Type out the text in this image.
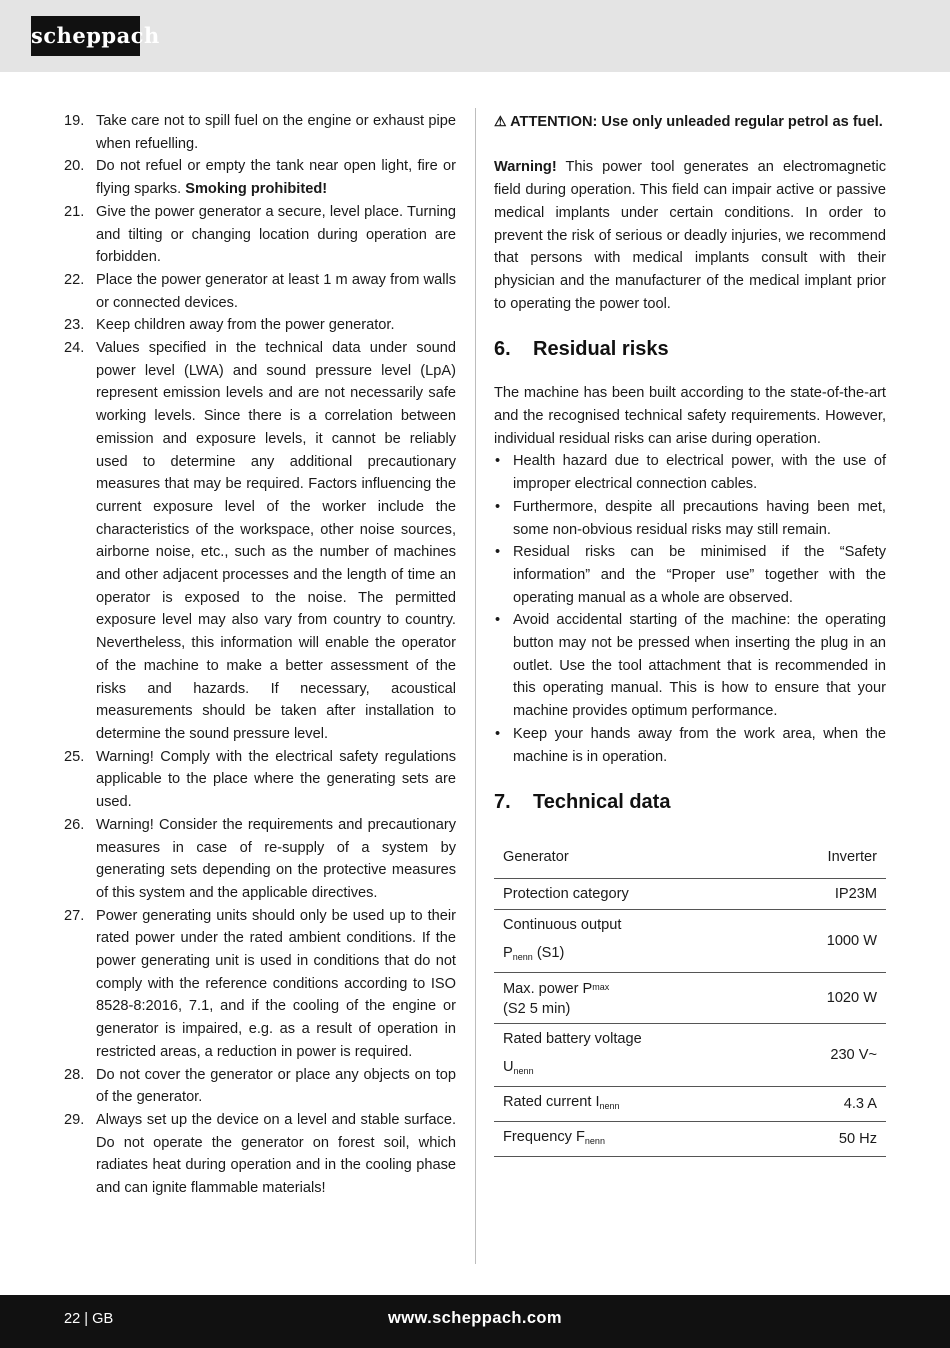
scheppach
19. Take care not to spill fuel on the engine or exhaust pipe when refuelling.
20. Do not refuel or empty the tank near open light, fire or flying sparks. Smoking prohibited!
21. Give the power generator a secure, level place. Turning and tilting or changing location during operation are forbidden.
22. Place the power generator at least 1 m away from walls or connected devices.
23. Keep children away from the power generator.
24. Values specified in the technical data under sound power level (LWA) and sound pressure level (LpA) represent emission levels and are not necessarily safe working levels. Since there is a correlation between emission and exposure levels, it cannot be reliably used to determine any additional precautionary measures that may be required. Factors influencing the current exposure level of the worker include the characteristics of the workspace, other noise sources, airborne noise, etc., such as the number of machines and other adjacent processes and the length of time an operator is exposed to the noise. The permitted exposure level may also vary from country to country. Nevertheless, this information will enable the operator of the machine to make a better assessment of the risks and hazards. If necessary, acoustical measurements should be taken after installation to determine the sound pressure level.
25. Warning! Comply with the electrical safety regulations applicable to the place where the generating sets are used.
26. Warning! Consider the requirements and precautionary measures in case of re-supply of a system by generating sets depending on the protective measures of this system and the applicable directives.
27. Power generating units should only be used up to their rated power under the rated ambient conditions. If the power generating unit is used in conditions that do not comply with the reference conditions according to ISO 8528-8:2016, 7.1, and if the cooling of the engine or generator is impaired, e.g. as a result of operation in restricted areas, a reduction in power is required.
28. Do not cover the generator or place any objects on top of the generator.
29. Always set up the device on a level and stable surface. Do not operate the generator on forest soil, which radiates heat during operation and in the cooling phase and can ignite flammable materials!

⚠ ATTENTION: Use only unleaded regular petrol as fuel.

Warning! This power tool generates an electromagnetic field during operation. This field can impair active or passive medical implants under certain conditions. In order to prevent the risk of serious or deadly injuries, we recommend that persons with medical implants consult with their physician and the manufacturer of the medical implant prior to operating the power tool.

6.	Residual risks

The machine has been built according to the state-of-the-art and the recognised technical safety requirements. However, individual residual risks can arise during operation.

• Health hazard due to electrical power, with the use of improper electrical connection cables.
• Furthermore, despite all precautions having been met, some non-obvious residual risks may still remain.
• Residual risks can be minimised if the “Safety information” and the “Proper use” together with the operating manual as a whole are observed.
• Avoid accidental starting of the machine: the operating button may not be pressed when inserting the plug in an outlet. Use the tool attachment that is recommended in this operating manual. This is how to ensure that your machine provides optimum performance.
• Keep your hands away from the work area, when the machine is in operation.
7.	Technical data
Generator	Inverter
Protection category	IP23M

Continuous output
$P_{nenn}$ (S1)	1000 W

Max. power $P_{max}$
(S2 5 min)	1020 W

Rated battery voltage
$U_{nenn}$	230 V~
Rated current $I_{nenn}$	4.3 A
Frequency $F_{nenn}$	50 Hz
22 | GB	www.scheppach.com
